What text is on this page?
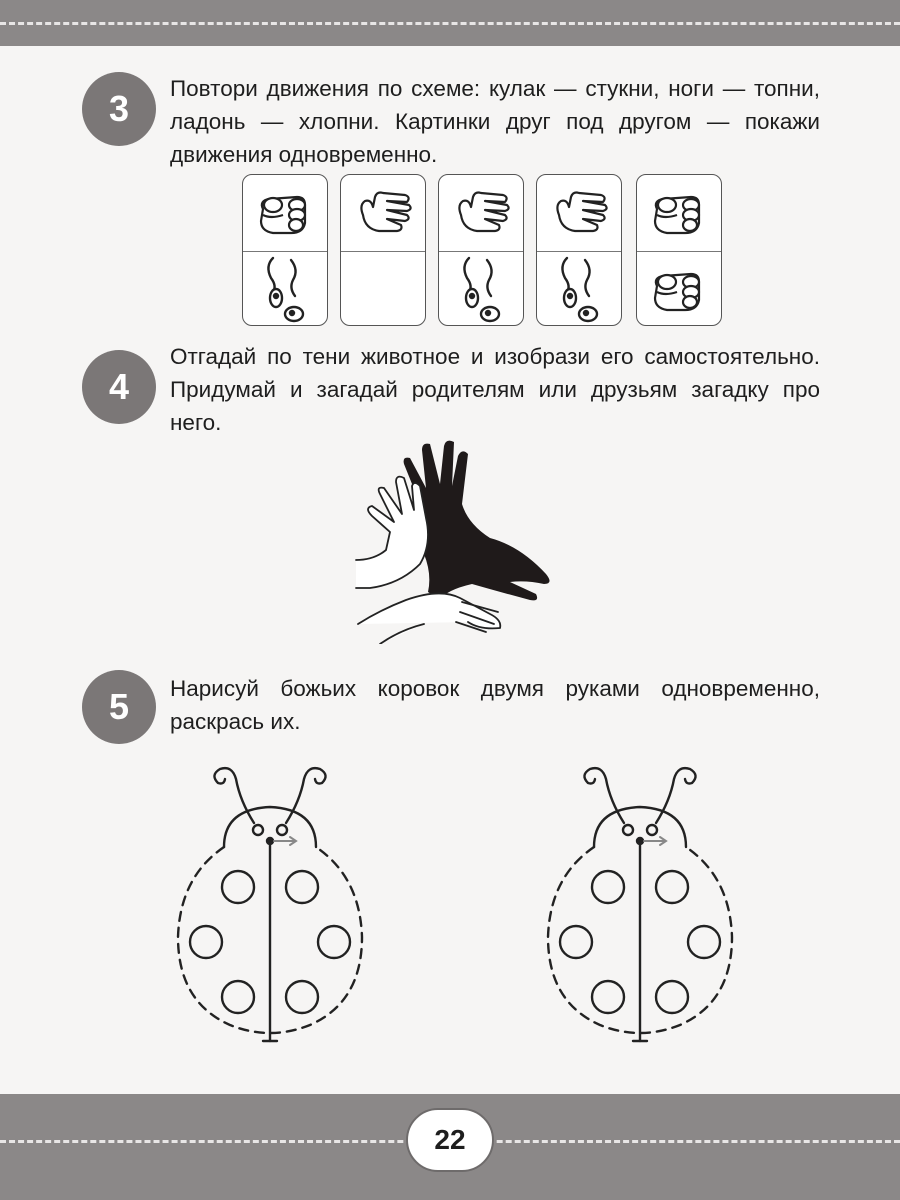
22
3	Повтори движения по схеме: кулак — стукни, ноги — топни, ладонь — хлопни. Картинки друг под другом — покажи движения одновременно.
4
Отгадай по тени животное и изобрази его самостоятельно. Придумай и загадай родителям или друзьям загадку про него.
5	Нарисуй божьих коровок двумя руками одновременно, раскрась их.
